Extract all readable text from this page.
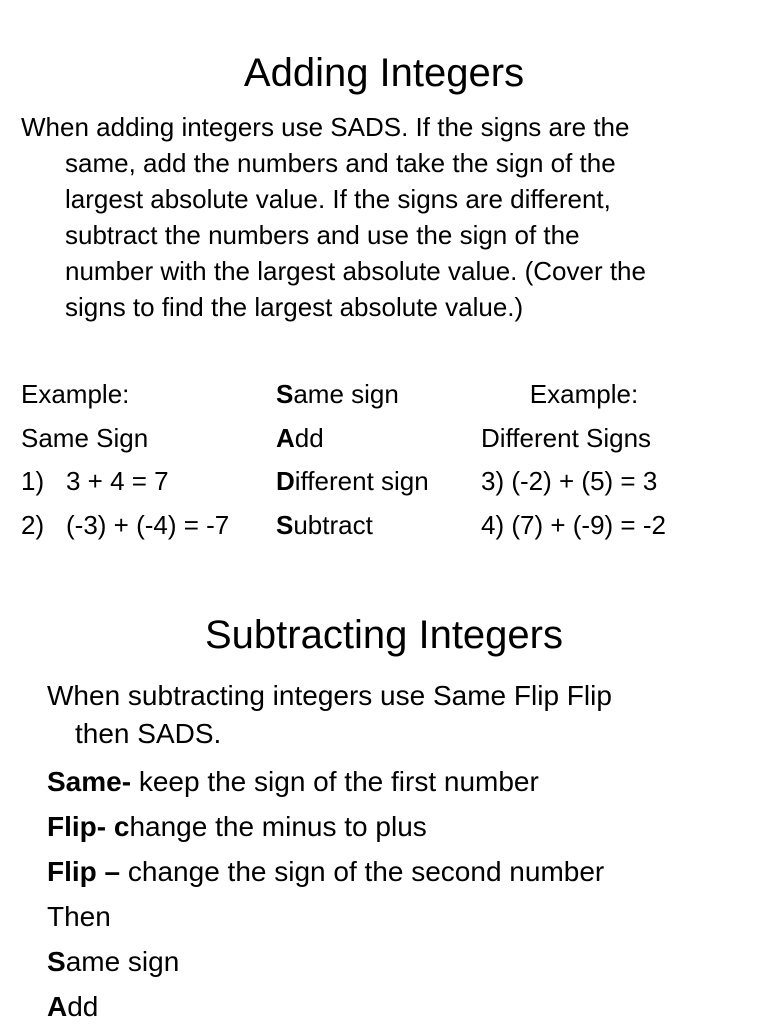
Adding Integers
When adding integers use SADS. If the signs are the
same, add the numbers and take the sign of the
largest absolute value. If the signs are different,
subtract the numbers and use the sign of the
number with the largest absolute value. (Cover the
signs to find the largest absolute value.)
Example:
Same Sign
1) 3 + 4 = 7
2) (-3) + (-4) = -7
Same sign
Add
Different sign
Subtract
Example:
Different Signs
3) (-2) + (5) = 3
4) (7) + (-9) = -2
Subtracting Integers
When subtracting integers use Same Flip Flip
then SADS.
Same- keep the sign of the first number
Flip- change the minus to plus
Flip – change the sign of the second number
Then
Same sign
Add
